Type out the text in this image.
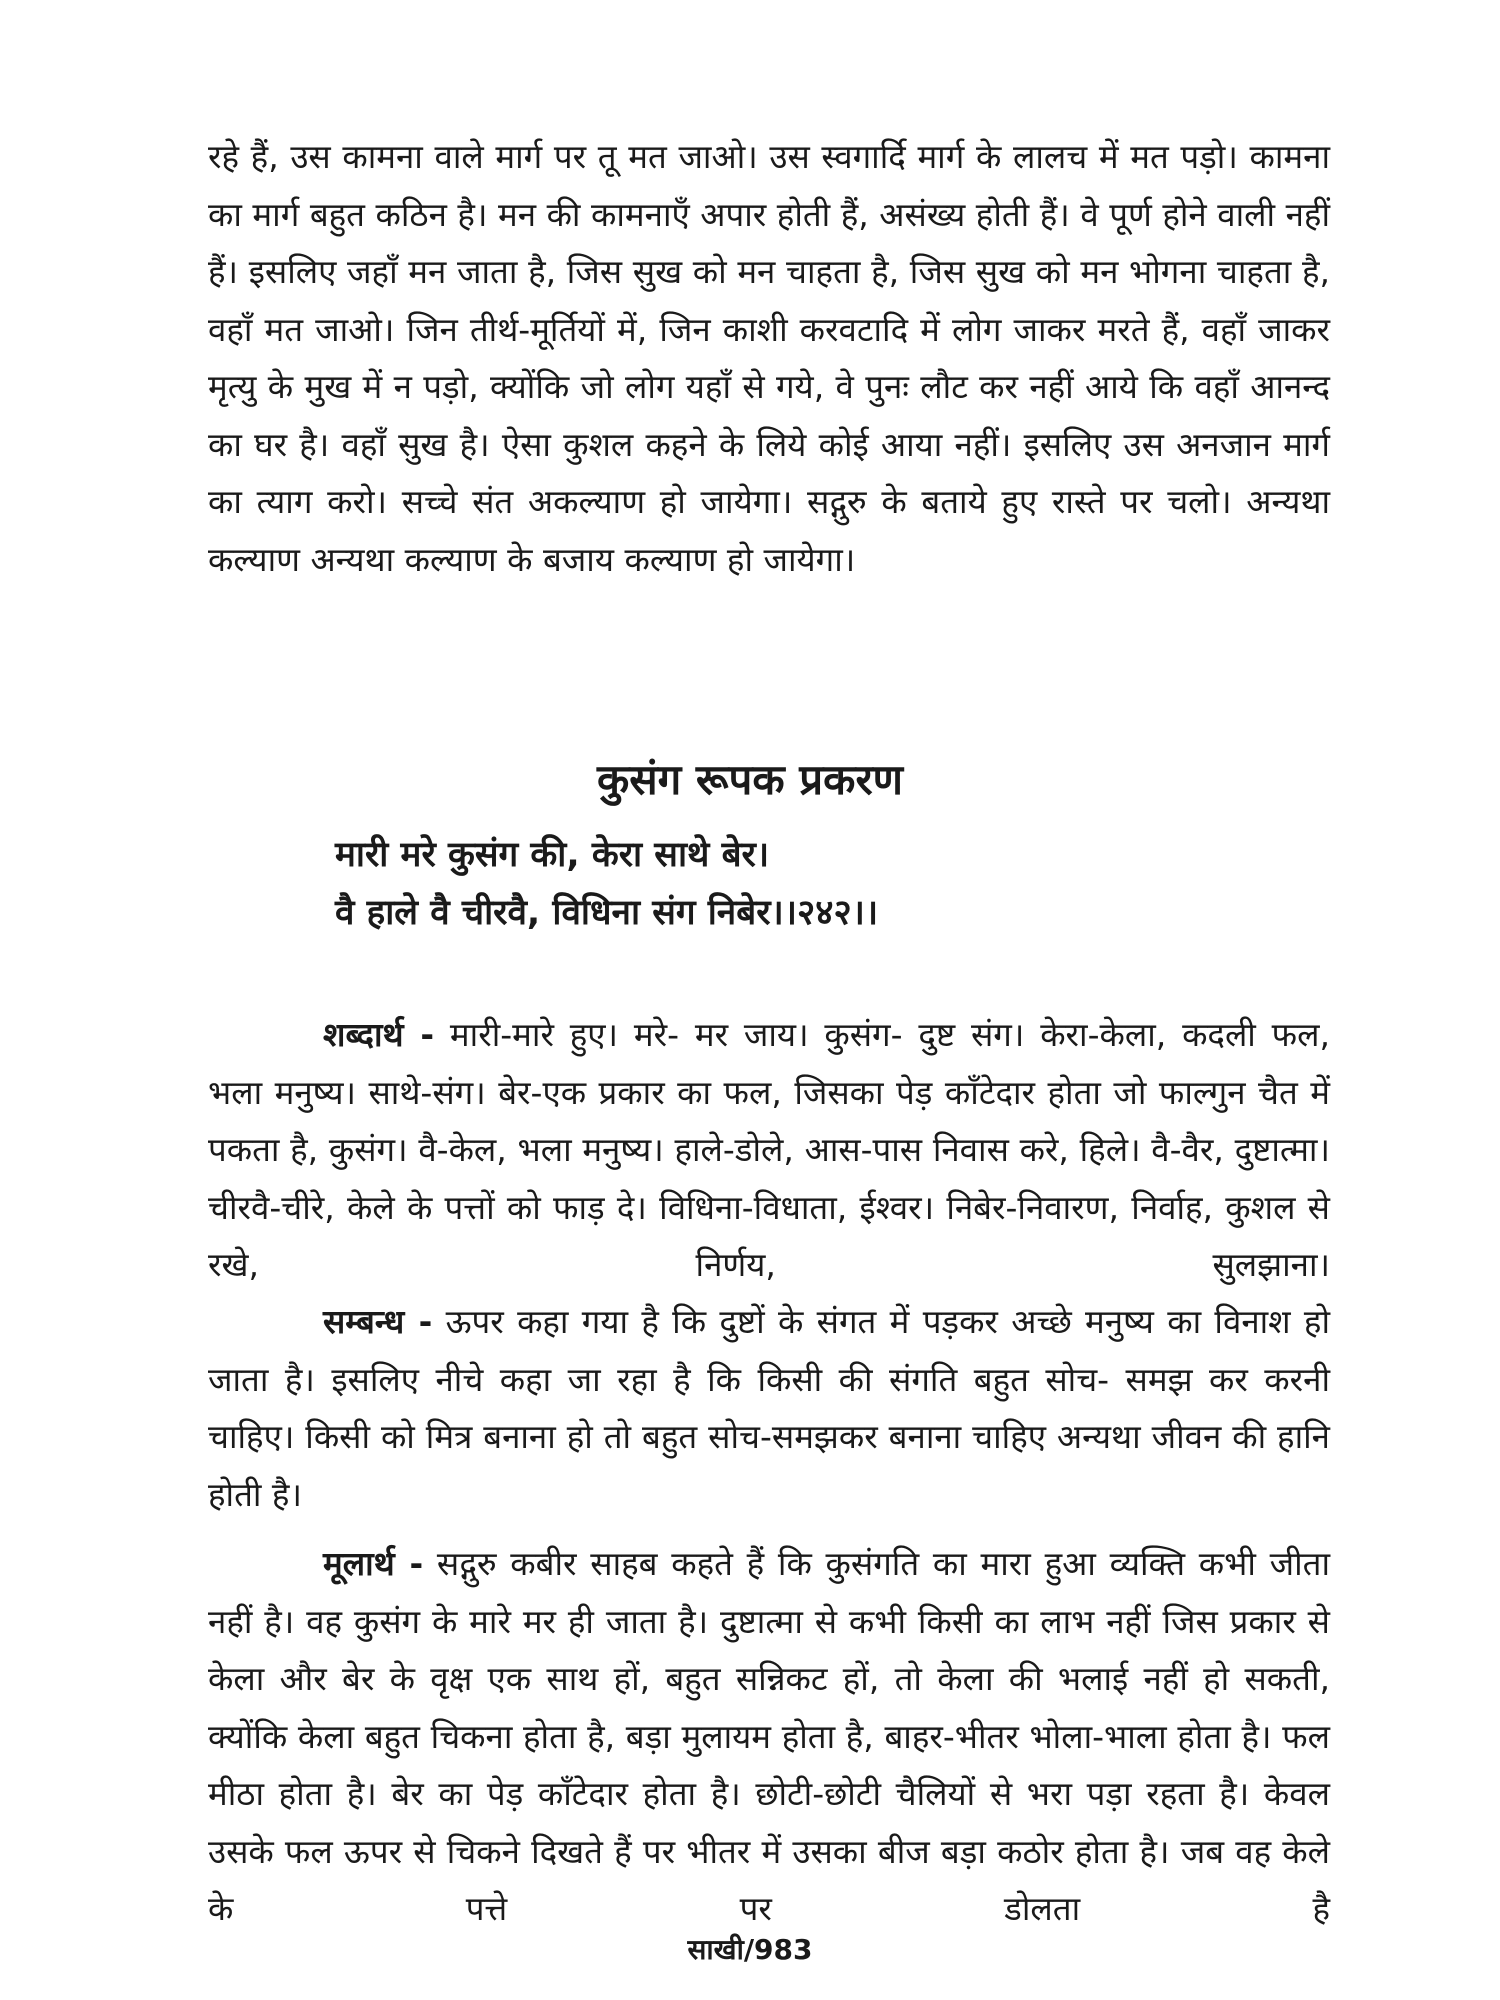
रहे हैं, उस कामना वाले मार्ग पर तू मत जाओ। उस स्वगार्दि मार्ग के लालच में मत पड़ो। कामना का मार्ग बहुत कठिन है। मन की कामनाएँ अपार होती हैं, असंख्य होती हैं। वे पूर्ण होने वाली नहीं हैं। इसलिए जहाँ मन जाता है, जिस सुख को मन चाहता है, जिस सुख को मन भोगना चाहता है, वहाँ मत जाओ। जिन तीर्थ-मूर्तियों में, जिन काशी करवटादि में लोग जाकर मरते हैं, वहाँ जाकर मृत्यु के मुख में न पड़ो, क्योंकि जो लोग यहाँ से गये, वे पुनः लौट कर नहीं आये कि वहाँ आनन्द का घर है। वहाँ सुख है। ऐसा कुशल कहने के लिये कोई आया नहीं। इसलिए उस अनजान मार्ग का त्याग करो। सच्चे संत अकल्याण हो जायेगा। सद्गुरु के बताये हुए रास्ते पर चलो। अन्यथा कल्याण अन्यथा कल्याण के बजाय कल्याण हो जायेगा।

कुसंग रूपक प्रकरण

मारी मरे कुसंग की, केरा साथे बेर।

वै हाले वै चीरवै, विधिना संग निबेर।।२४२।।

शब्दार्थ - मारी-मारे हुए। मरे- मर जाय। कुसंग- दुष्ट संग। केरा-केला, कदली फल, भला मनुष्य। साथे-संग। बेर-एक प्रकार का फल, जिसका पेड़ काँटेदार होता जो फाल्गुन चैत में पकता है, कुसंग। वै-केल, भला मनुष्य। हाले-डोले, आस-पास निवास करे, हिले। वै-वैर, दुष्टात्मा। चीरवै-चीरे, केले के पत्तों को फाड़ दे। विधिना-विधाता, ईश्वर। निबेर-निवारण, निर्वाह, कुशल से रखे, निर्णय, सुलझाना।

सम्बन्ध - ऊपर कहा गया है कि दुष्टों के संगत में पड़कर अच्छे मनुष्य का विनाश हो जाता है। इसलिए नीचे कहा जा रहा है कि किसी की संगति बहुत सोच- समझ कर करनी चाहिए। किसी को मित्र बनाना हो तो बहुत सोच-समझकर बनाना चाहिए अन्यथा जीवन की हानि होती है।

मूलार्थ - सद्गुरु कबीर साहब कहते हैं कि कुसंगति का मारा हुआ व्यक्ति कभी जीता नहीं है। वह कुसंग के मारे मर ही जाता है। दुष्टात्मा से कभी किसी का लाभ नहीं जिस प्रकार से केला और बेर के वृक्ष एक साथ हों, बहुत सन्निकट हों, तो केला की भलाई नहीं हो सकती, क्योंकि केला बहुत चिकना होता है, बड़ा मुलायम होता है, बाहर-भीतर भोला-भाला होता है। फल मीठा होता है। बेर का पेड़ काँटेदार होता है। छोटी-छोटी चैलियों से भरा पड़ा रहता है। केवल उसके फल ऊपर से चिकने दिखते हैं पर भीतर में उसका बीज बड़ा कठोर होता है। जब वह केले के पत्ते पर डोलता है

साखी/983
